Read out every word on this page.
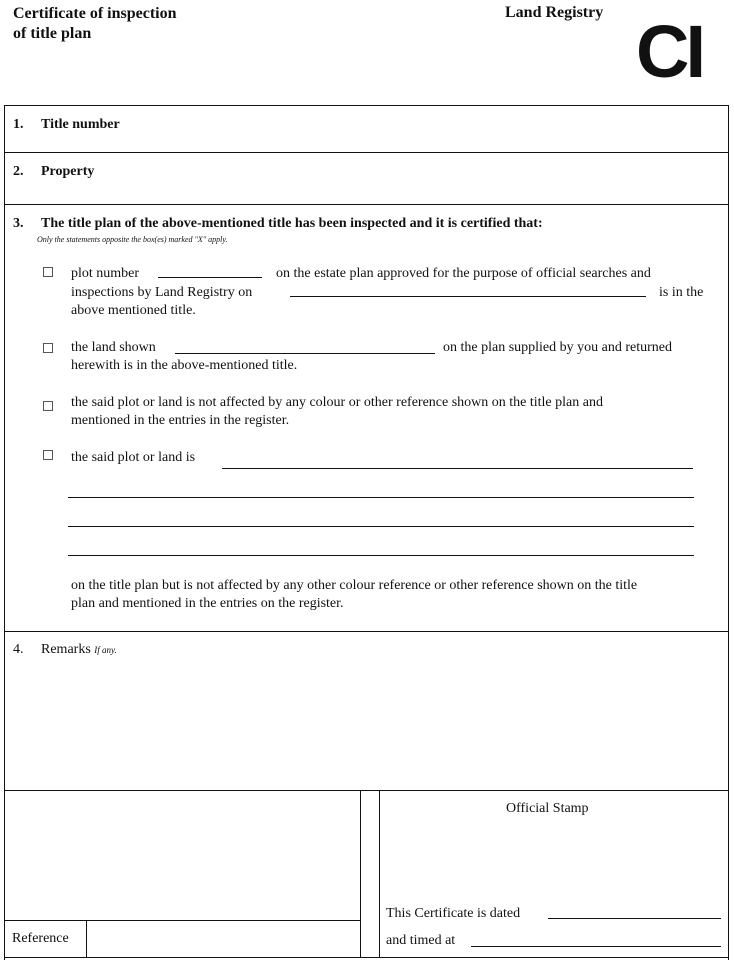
Certificate of inspection
of title plan
Land Registry CI
1. Title number
2. Property
3. The title plan of the above-mentioned title has been inspected and it is certified that:
Only the statements opposite the box(es) marked "X" apply.
plot number	on the estate plan approved for the purpose of official searches and
inspections by Land Registry on	is in the
above mentioned title.
the land shown	on the plan supplied by you and returned
herewith is in the above-mentioned title.
the said plot or land is not affected by any colour or other reference shown on the title plan and
mentioned in the entries in the register.
the said plot or land is
on the title plan but is not affected by any other colour reference or other reference shown on the title
plan and mentioned in the entries on the register.
4. Remarks If any.
Reference
Official Stamp
This Certificate is dated
and timed at
